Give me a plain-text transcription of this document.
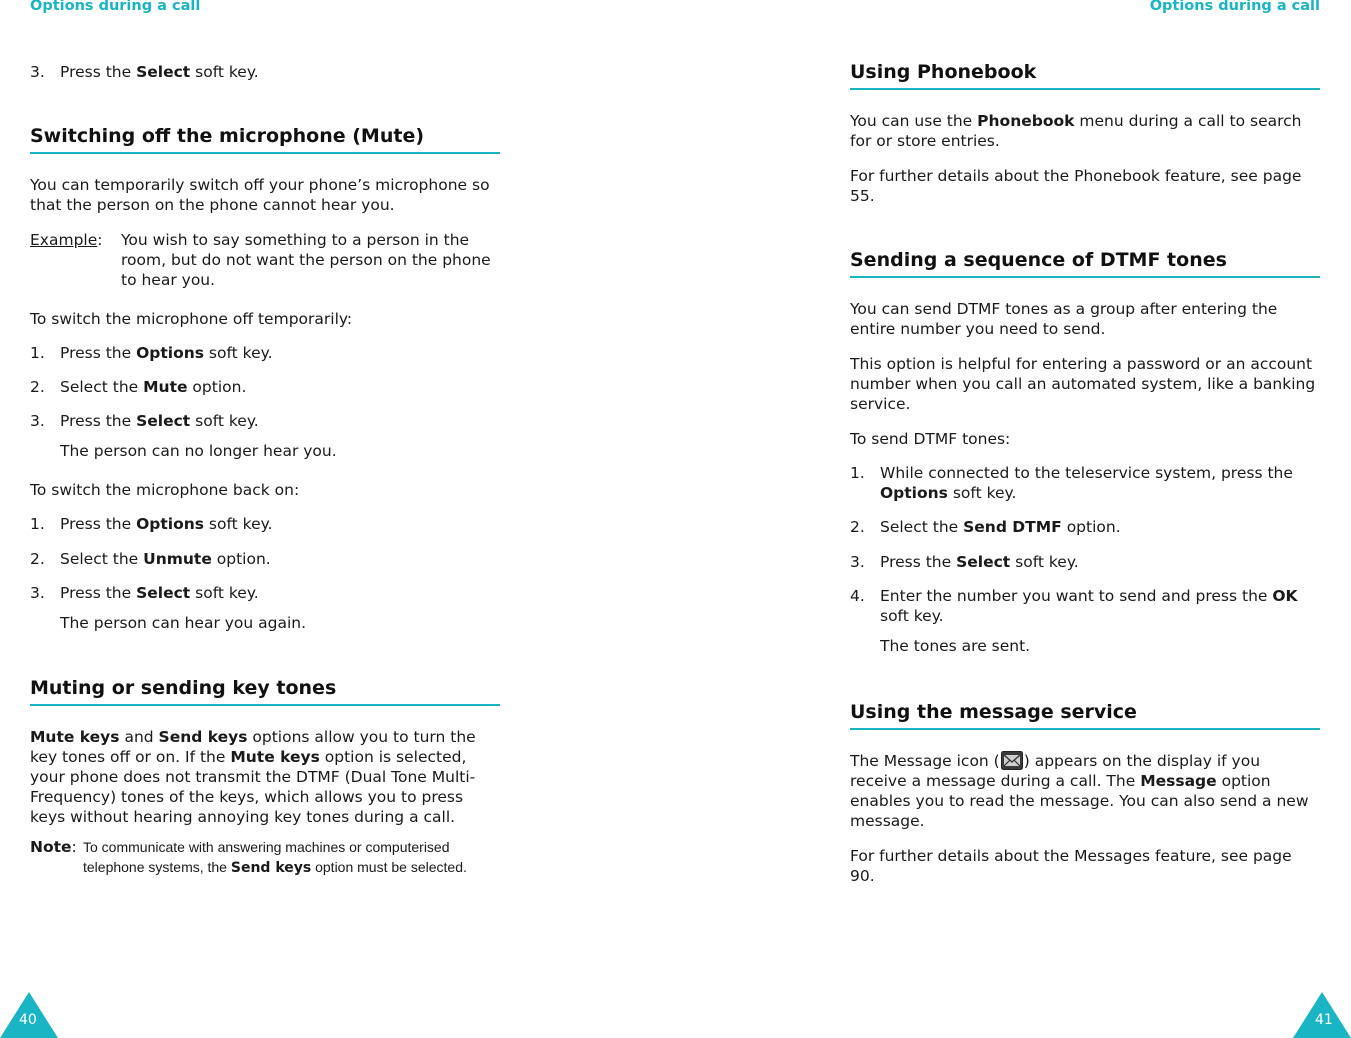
Options during a call	Options during a call
3. Press the Select soft key.
Switching off the microphone (Mute)

You can temporarily switch off your phone’s microphone so that the person on the phone cannot hear you.

Example: You wish to say something to a person in the room, but do not want the person on the phone to hear you.

To switch the microphone off temporarily:

1. Press the Options soft key.
2. Select the Mute option.
3. Press the Select soft key.
The person can no longer hear you.

To switch the microphone back on:

1. Press the Options soft key.
2. Select the Unmute option.
3. Press the Select soft key.
The person can hear you again.
Muting or sending key tones

Mute keys and Send keys options allow you to turn the key tones off or on. If the Mute keys option is selected, your phone does not transmit the DTMF (Dual Tone Multi-Frequency) tones of the keys, which allows you to press keys without hearing annoying key tones during a call.

Note: To communicate with answering machines or computerised telephone systems, the Send keys option must be selected.
Using Phonebook

You can use the Phonebook menu during a call to search for or store entries.

For further details about the Phonebook feature, see page 55.

Sending a sequence of DTMF tones

You can send DTMF tones as a group after entering the entire number you need to send.

This option is helpful for entering a password or an account number when you call an automated system, like a banking service.

To send DTMF tones:

1. While connected to the teleservice system, press the Options soft key.
2. Select the Send DTMF option.
3. Press the Select soft key.
4. Enter the number you want to send and press the OK soft key.
The tones are sent.
Using the message service

The Message icon ( ) appears on the display if you receive a message during a call. The Message option enables you to read the message. You can also send a new message.

For further details about the Messages feature, see page 90.

40	41
